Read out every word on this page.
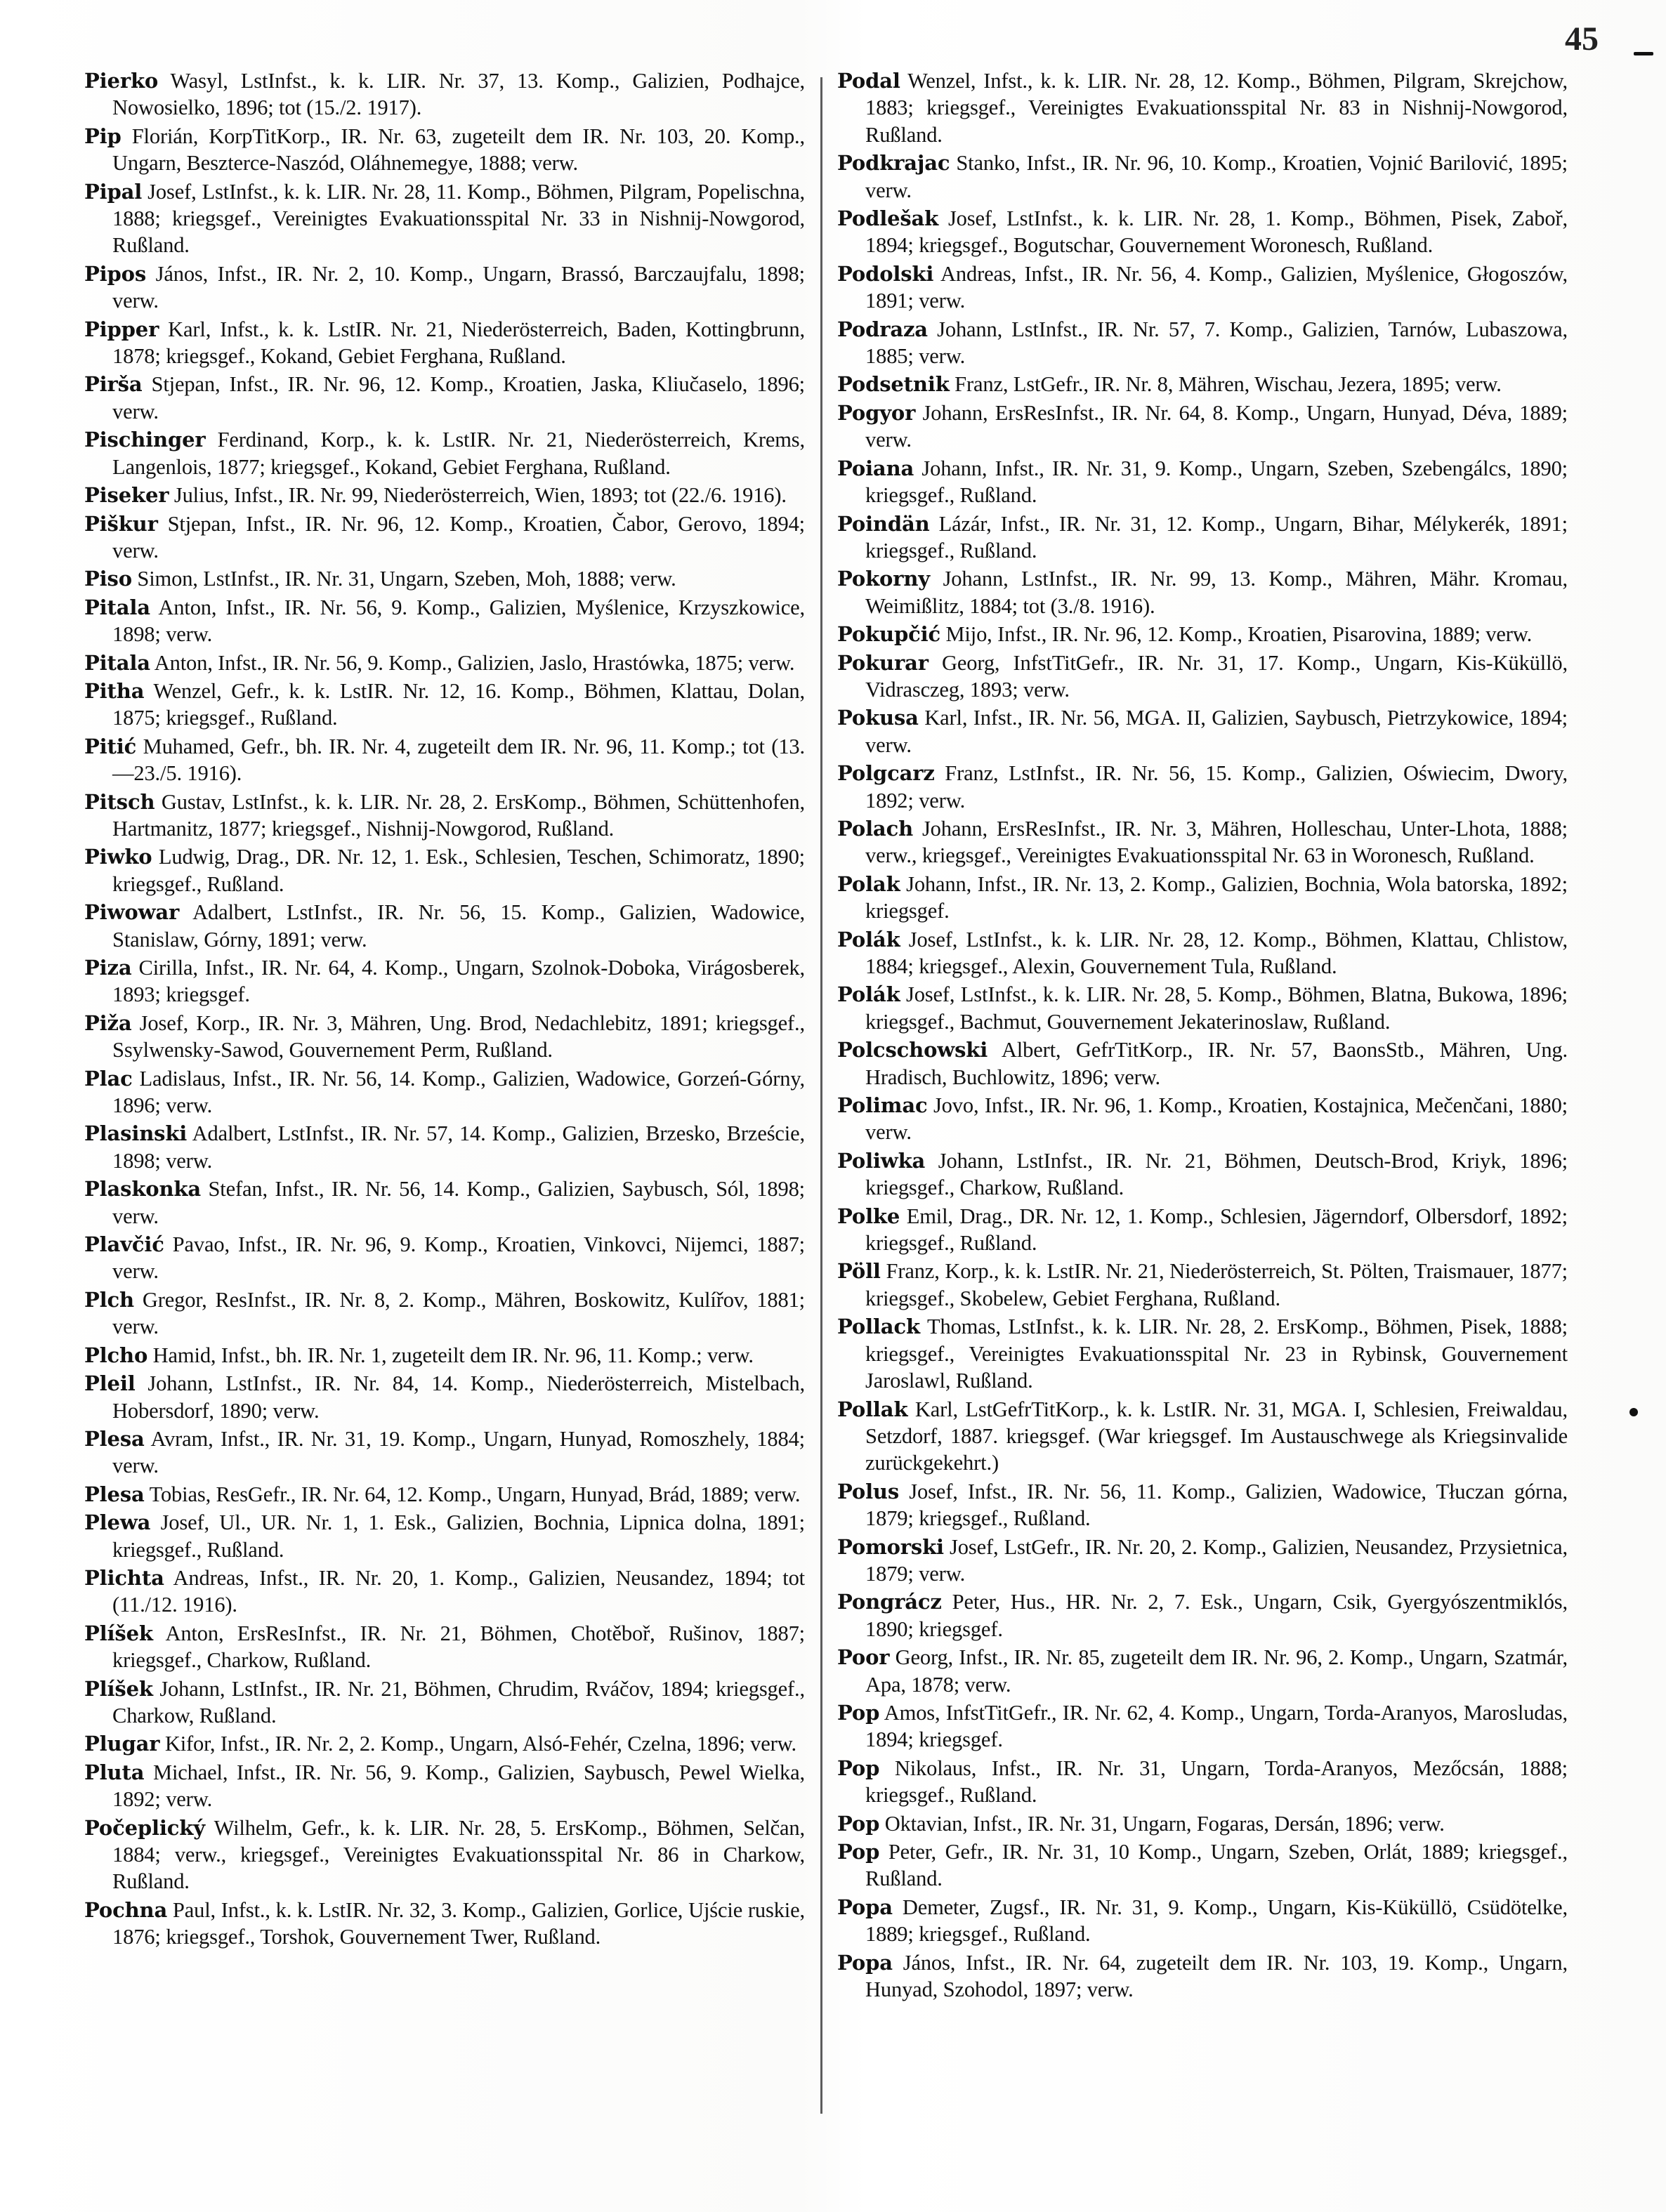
45

Pierko Wasyl, LstInfst., k. k. LIR. Nr. 37, 13. Komp., Galizien, Podhajce, Nowosielko, 1896; tot (15./2. 1917).

Pip Florián, KorpTitKorp., IR. Nr. 63, zugeteilt dem IR. Nr. 103, 20. Komp., Ungarn, Beszterce-Naszód, Oláhnemegye, 1888; verw.

Pipal Josef, LstInfst., k. k. LIR. Nr. 28, 11. Komp., Böhmen, Pilgram, Popelischna, 1888; kriegsgef., Vereinigtes Evakuationsspital Nr. 33 in Nishnij-Nowgorod, Rußland.

Pipos János, Infst., IR. Nr. 2, 10. Komp., Ungarn, Brassó, Barczaujfalu, 1898; verw.

Pipper Karl, Infst., k. k. LstIR. Nr. 21, Niederösterreich, Baden, Kottingbrunn, 1878; kriegsgef., Kokand, Gebiet Ferghana, Rußland.

Pirša Stjepan, Infst., IR. Nr. 96, 12. Komp., Kroatien, Jaska, Kliučaselo, 1896; verw.

Pischinger Ferdinand, Korp., k. k. LstIR. Nr. 21, Niederösterreich, Krems, Langenlois, 1877; kriegsgef., Kokand, Gebiet Ferghana, Rußland.

Piseker Julius, Infst., IR. Nr. 99, Niederösterreich, Wien, 1893; tot (22./6. 1916).

Piškur Stjepan, Infst., IR. Nr. 96, 12. Komp., Kroatien, Čabor, Gerovo, 1894; verw.

Piso Simon, LstInfst., IR. Nr. 31, Ungarn, Szeben, Moh, 1888; verw.

Pitala Anton, Infst., IR. Nr. 56, 9. Komp., Galizien, Myślenice, Krzyszkowice, 1898; verw.

Pitala Anton, Infst., IR. Nr. 56, 9. Komp., Galizien, Jaslo, Hrastówka, 1875; verw.

Pitha Wenzel, Gefr., k. k. LstIR. Nr. 12, 16. Komp., Böhmen, Klattau, Dolan, 1875; kriegsgef., Rußland.

Pitić Muhamed, Gefr., bh. IR. Nr. 4, zugeteilt dem IR. Nr. 96, 11. Komp.; tot (13.—23./5. 1916).

Pitsch Gustav, LstInfst., k. k. LIR. Nr. 28, 2. ErsKomp., Böhmen, Schüttenhofen, Hartmanitz, 1877; kriegsgef., Nishnij-Nowgorod, Rußland.

Piwko Ludwig, Drag., DR. Nr. 12, 1. Esk., Schlesien, Teschen, Schimoratz, 1890; kriegsgef., Rußland.

Piwowar Adalbert, LstInfst., IR. Nr. 56, 15. Komp., Galizien, Wadowice, Stanislaw, Górny, 1891; verw.

Piza Cirilla, Infst., IR. Nr. 64, 4. Komp., Ungarn, Szolnok-Doboka, Virágosberek, 1893; kriegsgef.

Piža Josef, Korp., IR. Nr. 3, Mähren, Ung. Brod, Nedachlebitz, 1891; kriegsgef., Ssylwensky-Sawod, Gouvernement Perm, Rußland.

Plac Ladislaus, Infst., IR. Nr. 56, 14. Komp., Galizien, Wadowice, Gorzeń-Górny, 1896; verw.

Plasinski Adalbert, LstInfst., IR. Nr. 57, 14. Komp., Galizien, Brzesko, Brzeście, 1898; verw.

Plaskonka Stefan, Infst., IR. Nr. 56, 14. Komp., Galizien, Saybusch, Sól, 1898; verw.

Plavčić Pavao, Infst., IR. Nr. 96, 9. Komp., Kroatien, Vinkovci, Nijemci, 1887; verw.

Plch Gregor, ResInfst., IR. Nr. 8, 2. Komp., Mähren, Boskowitz, Kulířov, 1881; verw.

Plcho Hamid, Infst., bh. IR. Nr. 1, zugeteilt dem IR. Nr. 96, 11. Komp.; verw.

Pleil Johann, LstInfst., IR. Nr. 84, 14. Komp., Niederösterreich, Mistelbach, Hobersdorf, 1890; verw.

Plesa Avram, Infst., IR. Nr. 31, 19. Komp., Ungarn, Hunyad, Romoszhely, 1884; verw.

Plesa Tobias, ResGefr., IR. Nr. 64, 12. Komp., Ungarn, Hunyad, Brád, 1889; verw.

Plewa Josef, Ul., UR. Nr. 1, 1. Esk., Galizien, Bochnia, Lipnica dolna, 1891; kriegsgef., Rußland.

Plichta Andreas, Infst., IR. Nr. 20, 1. Komp., Galizien, Neusandez, 1894; tot (11./12. 1916).

Plíšek Anton, ErsResInfst., IR. Nr. 21, Böhmen, Chotěboř, Rušinov, 1887; kriegsgef., Charkow, Rußland.

Plíšek Johann, LstInfst., IR. Nr. 21, Böhmen, Chrudim, Rváčov, 1894; kriegsgef., Charkow, Rußland.

Plugar Kifor, Infst., IR. Nr. 2, 2. Komp., Ungarn, Alsó-Fehér, Czelna, 1896; verw.

Pluta Michael, Infst., IR. Nr. 56, 9. Komp., Galizien, Saybusch, Pewel Wielka, 1892; verw.

Počeplický Wilhelm, Gefr., k. k. LIR. Nr. 28, 5. ErsKomp., Böhmen, Selčan, 1884; verw., kriegsgef., Vereinigtes Evakuationsspital Nr. 86 in Charkow, Rußland.

Pochna Paul, Infst., k. k. LstIR. Nr. 32, 3. Komp., Galizien, Gorlice, Ujście ruskie, 1876; kriegsgef., Torshok, Gouvernement Twer, Rußland.

Podal Wenzel, Infst., k. k. LIR. Nr. 28, 12. Komp., Böhmen, Pilgram, Skrejchow, 1883; kriegsgef., Vereinigtes Evakuationsspital Nr. 83 in Nishnij-Nowgorod, Rußland.

Podkrajac Stanko, Infst., IR. Nr. 96, 10. Komp., Kroatien, Vojnić Barilović, 1895; verw.

Podlešak Josef, LstInfst., k. k. LIR. Nr. 28, 1. Komp., Böhmen, Pisek, Zaboř, 1894; kriegsgef., Bogutschar, Gouvernement Woronesch, Rußland.

Podolski Andreas, Infst., IR. Nr. 56, 4. Komp., Galizien, Myślenice, Głogoszów, 1891; verw.

Podraza Johann, LstInfst., IR. Nr. 57, 7. Komp., Galizien, Tarnów, Lubaszowa, 1885; verw.

Podsetnik Franz, LstGefr., IR. Nr. 8, Mähren, Wischau, Jezera, 1895; verw.

Pogyor Johann, ErsResInfst., IR. Nr. 64, 8. Komp., Ungarn, Hunyad, Déva, 1889; verw.

Poiana Johann, Infst., IR. Nr. 31, 9. Komp., Ungarn, Szeben, Szebengálcs, 1890; kriegsgef., Rußland.

Poindän Lázár, Infst., IR. Nr. 31, 12. Komp., Ungarn, Bihar, Mélykerék, 1891; kriegsgef., Rußland.

Pokorny Johann, LstInfst., IR. Nr. 99, 13. Komp., Mähren, Mähr. Kromau, Weimißlitz, 1884; tot (3./8. 1916).

Pokupčić Mijo, Infst., IR. Nr. 96, 12. Komp., Kroatien, Pisarovina, 1889; verw.

Pokurar Georg, InfstTitGefr., IR. Nr. 31, 17. Komp., Ungarn, Kis-Küküllö, Vidrasczeg, 1893; verw.

Pokusa Karl, Infst., IR. Nr. 56, MGA. II, Galizien, Saybusch, Pietrzykowice, 1894; verw.

Polgcarz Franz, LstInfst., IR. Nr. 56, 15. Komp., Galizien, Oświecim, Dwory, 1892; verw.

Polach Johann, ErsResInfst., IR. Nr. 3, Mähren, Holleschau, Unter-Lhota, 1888; verw., kriegsgef., Vereinigtes Evakuationsspital Nr. 63 in Woronesch, Rußland.

Polak Johann, Infst., IR. Nr. 13, 2. Komp., Galizien, Bochnia, Wola batorska, 1892; kriegsgef.

Polák Josef, LstInfst., k. k. LIR. Nr. 28, 12. Komp., Böhmen, Klattau, Chlistow, 1884; kriegsgef., Alexin, Gouvernement Tula, Rußland.

Polák Josef, LstInfst., k. k. LIR. Nr. 28, 5. Komp., Böhmen, Blatna, Bukowa, 1896; kriegsgef., Bachmut, Gouvernement Jekaterinoslaw, Rußland.

Polcschowski Albert, GefrTitKorp., IR. Nr. 57, BaonsStb., Mähren, Ung. Hradisch, Buchlowitz, 1896; verw.

Polimac Jovo, Infst., IR. Nr. 96, 1. Komp., Kroatien, Kostajnica, Mečenčani, 1880; verw.

Poliwka Johann, LstInfst., IR. Nr. 21, Böhmen, Deutsch-Brod, Kriyk, 1896; kriegsgef., Charkow, Rußland.

Polke Emil, Drag., DR. Nr. 12, 1. Komp., Schlesien, Jägerndorf, Olbersdorf, 1892; kriegsgef., Rußland.

Pöll Franz, Korp., k. k. LstIR. Nr. 21, Niederösterreich, St. Pölten, Traismauer, 1877; kriegsgef., Skobelew, Gebiet Ferghana, Rußland.

Pollack Thomas, LstInfst., k. k. LIR. Nr. 28, 2. ErsKomp., Böhmen, Pisek, 1888; kriegsgef., Vereinigtes Evakuationsspital Nr. 23 in Rybinsk, Gouvernement Jaroslawl, Rußland.

Pollak Karl, LstGefrTitKorp., k. k. LstIR. Nr. 31, MGA. I, Schlesien, Freiwaldau, Setzdorf, 1887. kriegsgef. (War kriegsgef. Im Austauschwege als Kriegsinvalide zurückgekehrt.)

Polus Josef, Infst., IR. Nr. 56, 11. Komp., Galizien, Wadowice, Tłuczan górna, 1879; kriegsgef., Rußland.

Pomorski Josef, LstGefr., IR. Nr. 20, 2. Komp., Galizien, Neusandez, Przysietnica, 1879; verw.

Pongrácz Peter, Hus., HR. Nr. 2, 7. Esk., Ungarn, Csik, Gyergyószentmiklós, 1890; kriegsgef.

Poor Georg, Infst., IR. Nr. 85, zugeteilt dem IR. Nr. 96, 2. Komp., Ungarn, Szatmár, Apa, 1878; verw.

Pop Amos, InfstTitGefr., IR. Nr. 62, 4. Komp., Ungarn, Torda-Aranyos, Marosludas, 1894; kriegsgef.

Pop Nikolaus, Infst., IR. Nr. 31, Ungarn, Torda-Aranyos, Mezőcsán, 1888; kriegsgef., Rußland.

Pop Oktavian, Infst., IR. Nr. 31, Ungarn, Fogaras, Dersán, 1896; verw.

Pop Peter, Gefr., IR. Nr. 31, 10 Komp., Ungarn, Szeben, Orlát, 1889; kriegsgef., Rußland.

Popa Demeter, Zugsf., IR. Nr. 31, 9. Komp., Ungarn, Kis-Küküllö, Csüdötelke, 1889; kriegsgef., Rußland.

Popa János, Infst., IR. Nr. 64, zugeteilt dem IR. Nr. 103, 19. Komp., Ungarn, Hunyad, Szohodol, 1897; verw.
